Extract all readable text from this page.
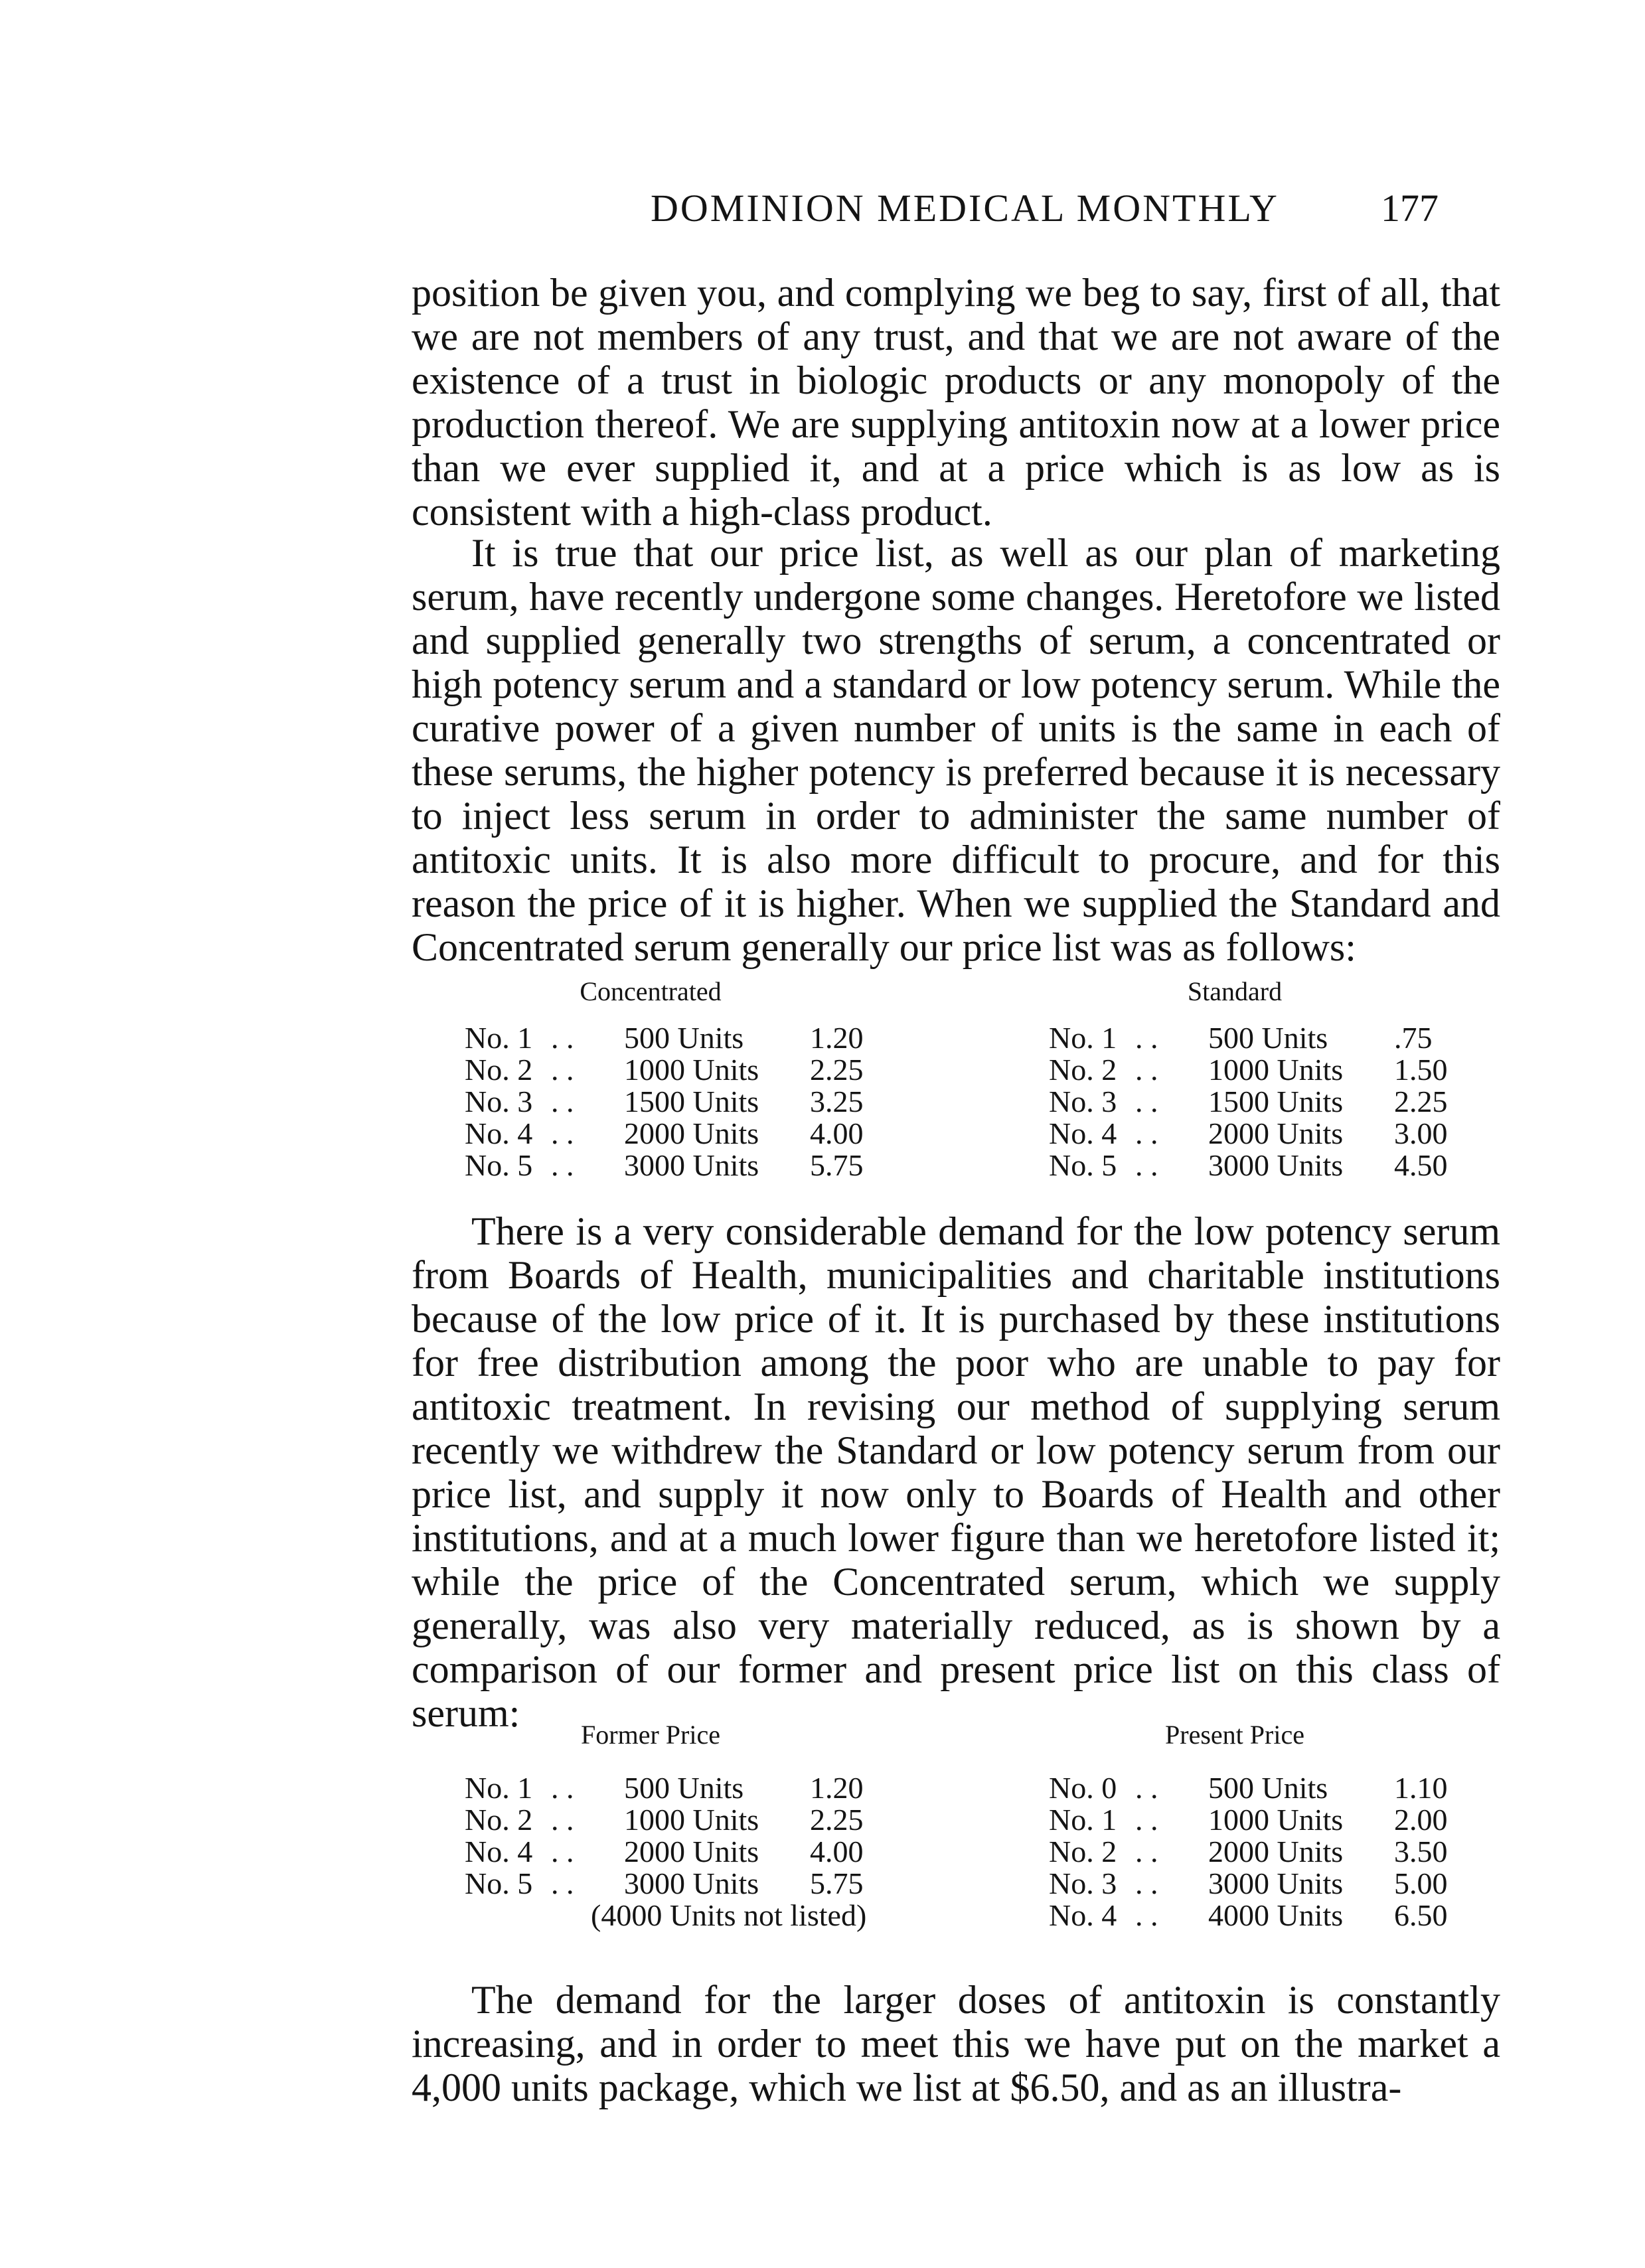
DOMINION MEDICAL MONTHLY	177

position be given you, and complying we beg to say, first of all, that we are not members of any trust, and that we are not aware of the existence of a trust in biologic products or any monopoly of the production thereof. We are supplying antitoxin now at a lower price than we ever supplied it, and at a price which is as low as is consistent with a high-class product.

It is true that our price list, as well as our plan of marketing serum, have recently undergone some changes. Heretofore we listed and supplied generally two strengths of serum, a concentrated or high potency serum and a standard or low potency serum. While the curative power of a given number of units is the same in each of these serums, the higher potency is preferred because it is necessary to inject less serum in order to administer the same number of antitoxic units. It is also more difficult to procure, and for this reason the price of it is higher. When we supplied the Standard and Concentrated serum generally our price list was as follows:

Concentrated
No. 1 . . 500 Units 1.20
No. 2 . . 1000 Units 2.25
No. 3 . . 1500 Units 3.25
No. 4 . . 2000 Units 4.00
No. 5 . . 3000 Units 5.75
Standard
No. 1 . . 500 Units .75
No. 2 . . 1000 Units 1.50
No. 3 . . 1500 Units 2.25
No. 4 . . 2000 Units 3.00
No. 5 . . 3000 Units 4.50

There is a very considerable demand for the low potency serum from Boards of Health, municipalities and charitable institutions because of the low price of it. It is purchased by these institutions for free distribution among the poor who are unable to pay for antitoxic treatment. In revising our method of supplying serum recently we withdrew the Standard or low potency serum from our price list, and supply it now only to Boards of Health and other institutions, and at a much lower figure than we heretofore listed it; while the price of the Concentrated serum, which we supply generally, was also very materially reduced, as is shown by a comparison of our former and present price list on this class of serum:	Former Price
No. 1 . . 500 Units 1.20
No. 2 . . 1000 Units 2.25
No. 4 . . 2000 Units 4.00
No. 5 . . 3000 Units 5.75
(4000 Units not listed)
Present Price
No. 0 . . 500 Units 1.10
No. 1 . . 1000 Units 2.00
No. 2 . . 2000 Units 3.50
No. 3 . . 3000 Units 5.00
No. 4 . . 4000 Units 6.50

The demand for the larger doses of antitoxin is constantly increasing, and in order to meet this we have put on the market a 4,000 units package, which we list at $6.50, and as an illustra-
